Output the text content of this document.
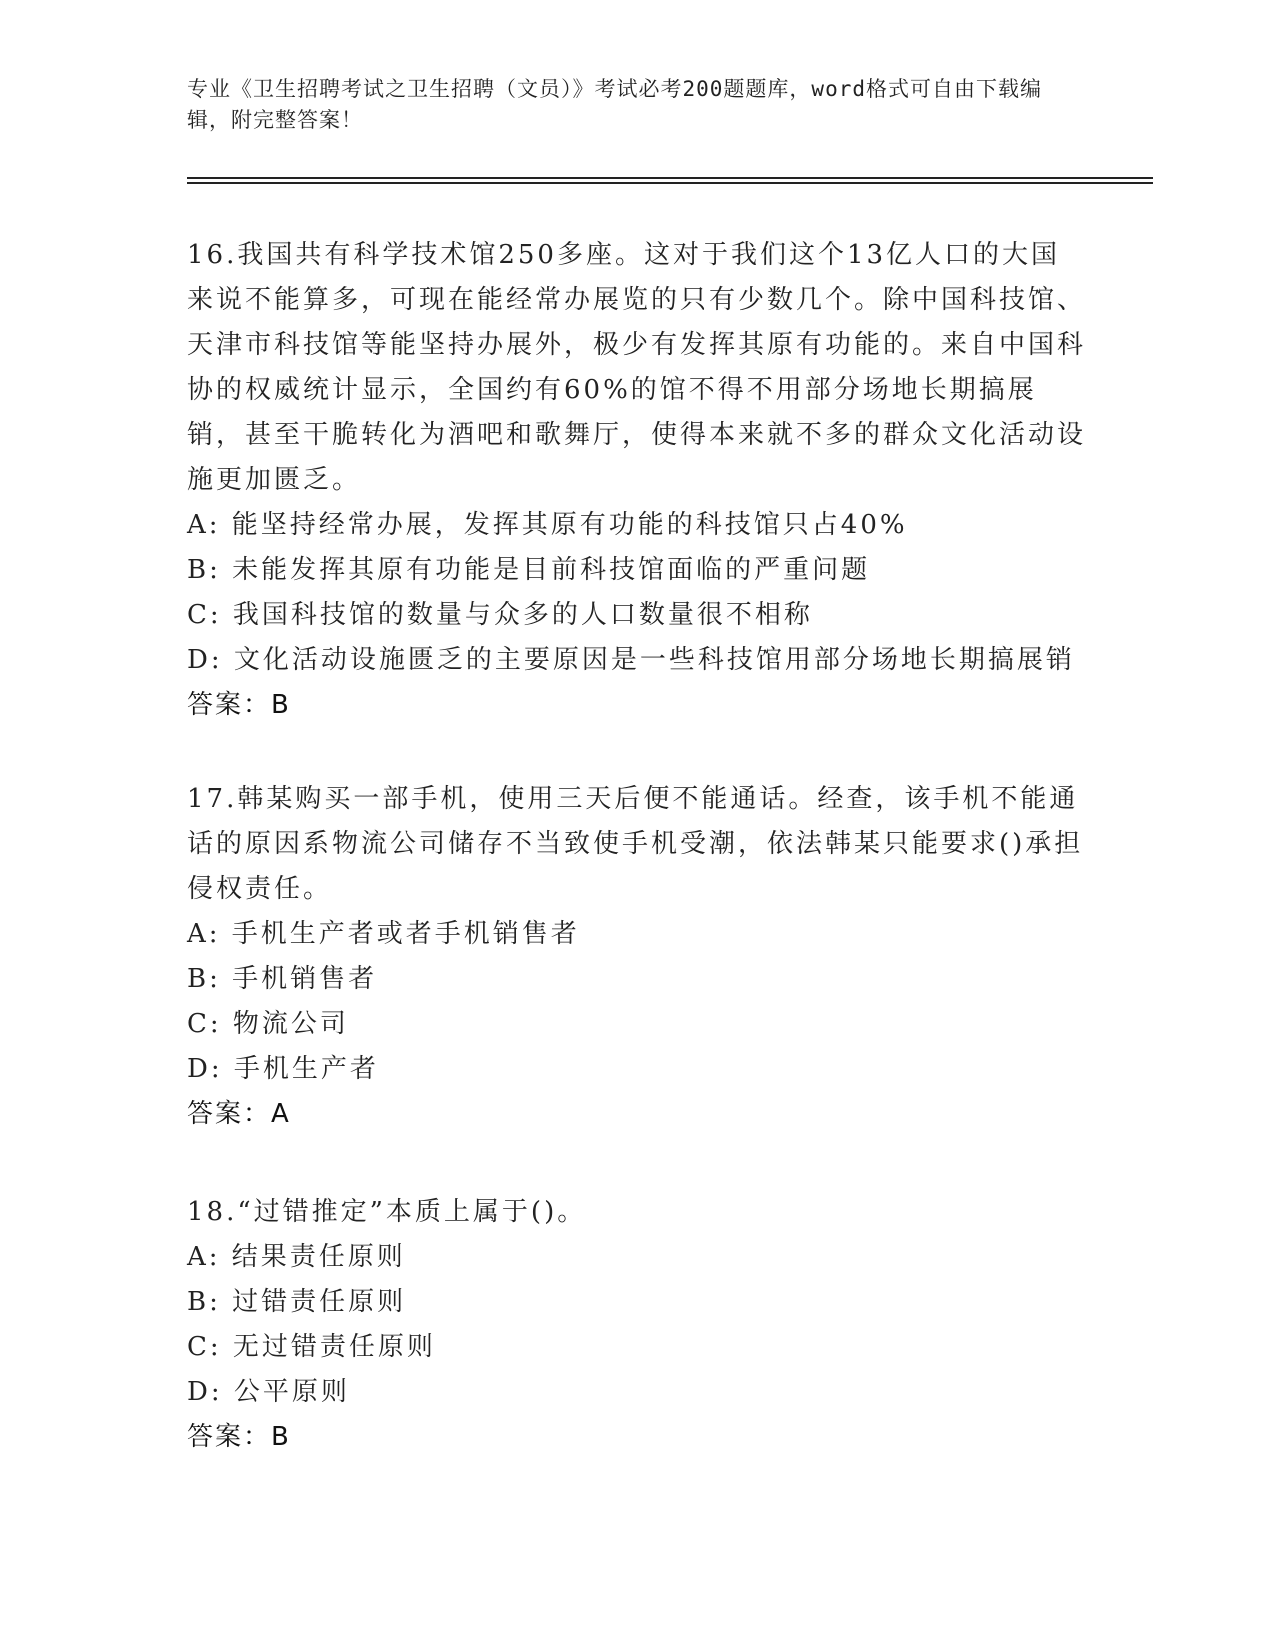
专业《卫生招聘考试之卫生招聘（文员）》考试必考200题题库，word格式可自由下载编辑，附完整答案！

16.我国共有科学技术馆250多座。这对于我们这个13亿人口的大国来说不能算多，可现在能经常办展览的只有少数几个。除中国科技馆、天津市科技馆等能坚持办展外，极少有发挥其原有功能的。来自中国科协的权威统计显示，全国约有60%的馆不得不用部分场地长期搞展销，甚至干脆转化为酒吧和歌舞厅，使得本来就不多的群众文化活动设施更加匮乏。

A: 能坚持经常办展，发挥其原有功能的科技馆只占40%

B: 未能发挥其原有功能是目前科技馆面临的严重问题

C: 我国科技馆的数量与众多的人口数量很不相称

D: 文化活动设施匮乏的主要原因是一些科技馆用部分场地长期搞展销

答案：B

17.韩某购买一部手机，使用三天后便不能通话。经查，该手机不能通话的原因系物流公司储存不当致使手机受潮，依法韩某只能要求()承担侵权责任。

A: 手机生产者或者手机销售者

B: 手机销售者

C: 物流公司

D: 手机生产者

答案：A

18.“过错推定”本质上属于()。

A: 结果责任原则

B: 过错责任原则

C: 无过错责任原则

D: 公平原则

答案：B
